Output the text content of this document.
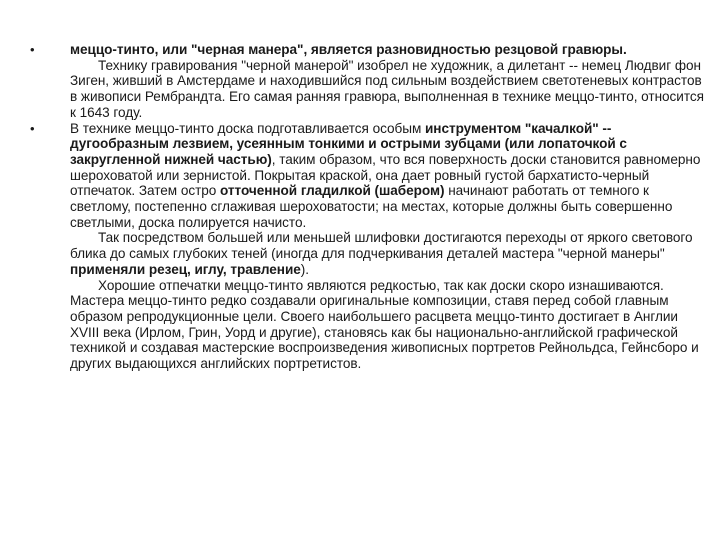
•	меццо-тинто, или "черная манера", является разновидностью резцовой гравюры.
Технику гравирования "черной манерой" изобрел не художник, а дилетант -- немец Людвиг фон Зиген, живший в Амстердаме и находившийся под сильным воздействием светотеневых контрастов в живописи Рембрандта. Его самая ранняя гравюра, выполненная в технике меццо-тинто, относится к 1643 году.
•	В технике меццо-тинто доска подготавливается особым инструментом "качалкой" -- дугообразным лезвием, усеянным тонкими и острыми зубцами (или лопаточкой с закругленной нижней частью), таким образом, что вся поверхность доски становится равномерно шероховатой или зернистой. Покрытая краской, она дает ровный густой бархатисто-черный отпечаток. Затем остро отточенной гладилкой (шабером) начинают работать от темного к светлому, постепенно сглаживая шероховатости; на местах, которые должны быть совершенно светлыми, доска полируется начисто.
Так посредством большей или меньшей шлифовки достигаются переходы от яркого светового блика до самых глубоких теней (иногда для подчеркивания деталей мастера "черной манеры" применяли резец, иглу, травление).
Хорошие отпечатки меццо-тинто являются редкостью, так как доски скоро изнашиваются. Мастера меццо-тинто редко создавали оригинальные композиции, ставя перед собой главным образом репродукционные цели. Своего наибольшего расцвета меццо-тинто достигает в Англии XVIII века (Ирлом, Грин, Уорд и другие), становясь как бы национально-английской графической техникой и создавая мастерские воспроизведения живописных портретов Рейнольдса, Гейнсборо и других выдающихся английских портретистов.
